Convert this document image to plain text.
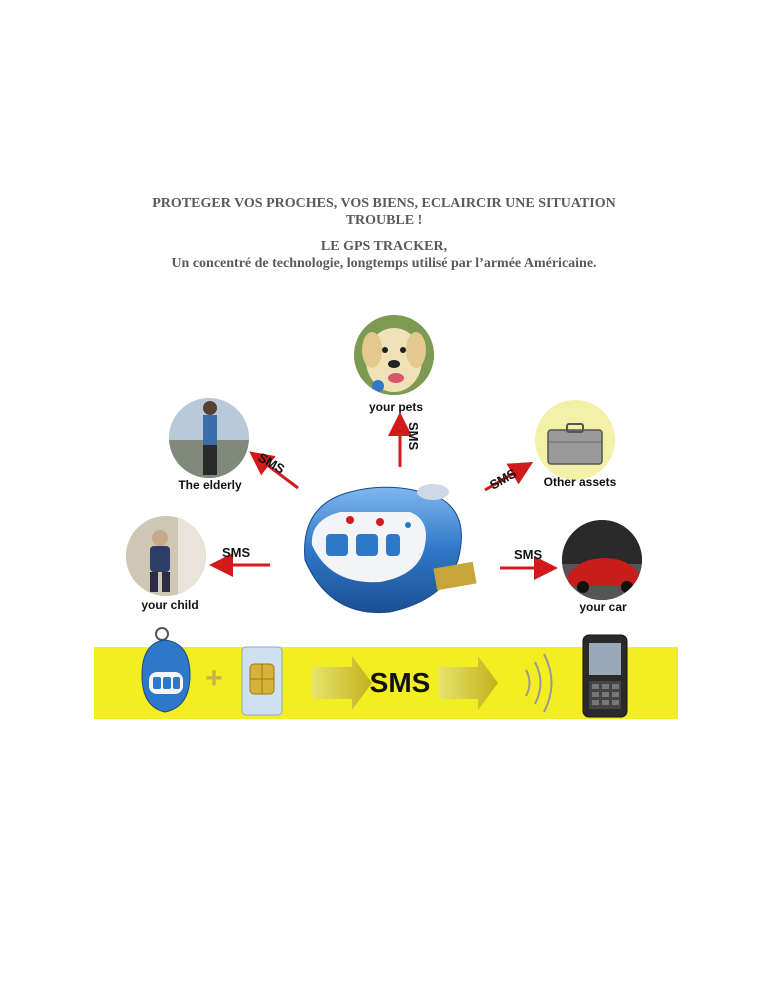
PROTEGER VOS PROCHES, VOS BIENS, ECLAIRCIR UNE SITUATION
TROUBLE !
LE GPS TRACKER,
Un concentré de technologie, longtemps utilisé par l’armée Américaine.
your pets
The elderly	Other assets
your child	your car
SMS
SMS
SMS
SMS	SMS
+	SMS
